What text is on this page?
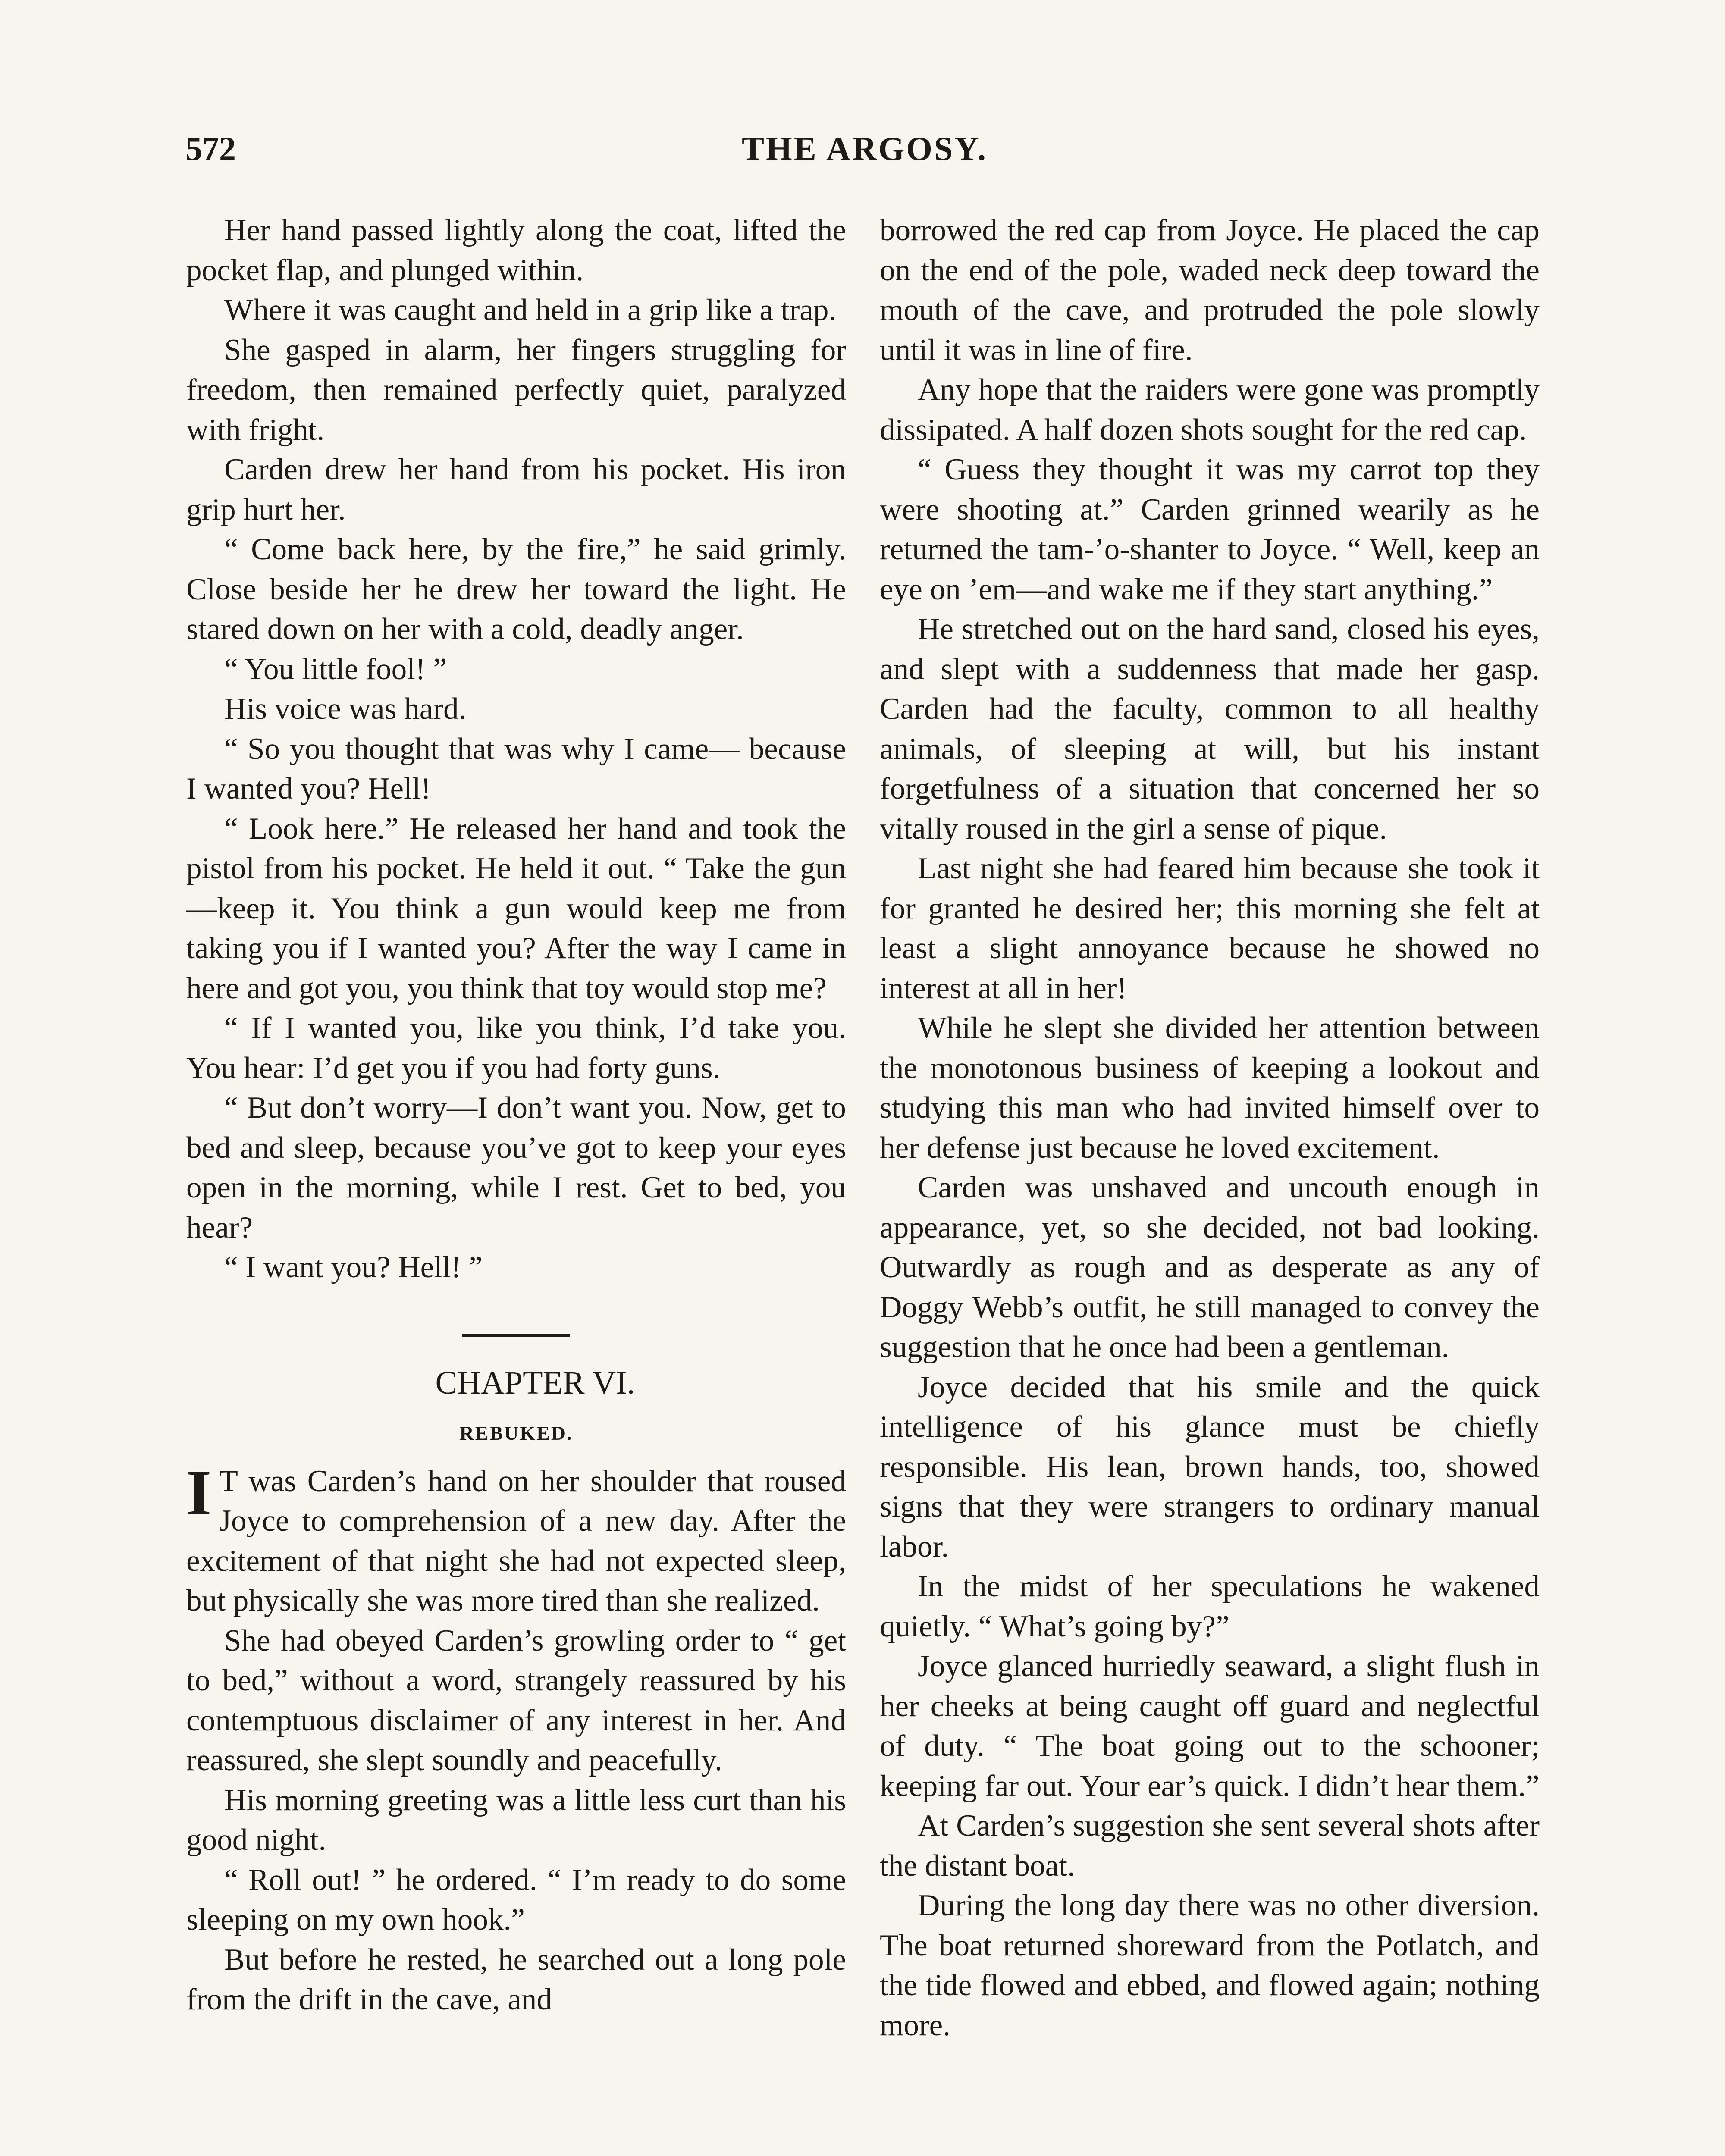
572	THE ARGOSY.

Her hand passed lightly along the coat, lifted the pocket flap, and plunged within.

Where it was caught and held in a grip like a trap.

She gasped in alarm, her fingers struggling for freedom, then remained perfectly quiet, paralyzed with fright.

Carden drew her hand from his pocket. His iron grip hurt her.

“ Come back here, by the fire,” he said grimly. Close beside her he drew her toward the light. He stared down on her with a cold, deadly anger.

“ You little fool! ”

His voice was hard.

“ So you thought that was why I came— because I wanted you? Hell!

“ Look here.” He released her hand and took the pistol from his pocket. He held it out. “ Take the gun—keep it. You think a gun would keep me from taking you if I wanted you? After the way I came in here and got you, you think that toy would stop me?

“ If I wanted you, like you think, I’d take you. You hear: I’d get you if you had forty guns.

“ But don’t worry—I don’t want you. Now, get to bed and sleep, because you’ve got to keep your eyes open in the morning, while I rest. Get to bed, you hear?

“ I want you? Hell! ”

CHAPTER VI.

REBUKED.

I T was Carden’s hand on her shoulder that roused Joyce to comprehension of a new day. After the excitement of that night she had not expected sleep, but physically she was more tired than she realized.

She had obeyed Carden’s growling order to “ get to bed,” without a word, strangely reassured by his contemptuous disclaimer of any interest in her. And reassured, she slept soundly and peacefully.

His morning greeting was a little less curt than his good night.

“ Roll out! ” he ordered. “ I’m ready to do some sleeping on my own hook.”

But before he rested, he searched out a long pole from the drift in the cave, and

borrowed the red cap from Joyce. He placed the cap on the end of the pole, waded neck deep toward the mouth of the cave, and protruded the pole slowly until it was in line of fire.

Any hope that the raiders were gone was promptly dissipated. A half dozen shots sought for the red cap.

“ Guess they thought it was my carrot top they were shooting at.” Carden grinned wearily as he returned the tam-’o-shanter to Joyce. “ Well, keep an eye on ’em—and wake me if they start anything.”

He stretched out on the hard sand, closed his eyes, and slept with a suddenness that made her gasp. Carden had the faculty, common to all healthy animals, of sleeping at will, but his instant forgetfulness of a situation that concerned her so vitally roused in the girl a sense of pique.

Last night she had feared him because she took it for granted he desired her; this morning she felt at least a slight annoyance because he showed no interest at all in her!

While he slept she divided her attention between the monotonous business of keeping a lookout and studying this man who had invited himself over to her defense just because he loved excitement.

Carden was unshaved and uncouth enough in appearance, yet, so she decided, not bad looking. Outwardly as rough and as desperate as any of Doggy Webb’s outfit, he still managed to convey the suggestion that he once had been a gentleman.

Joyce decided that his smile and the quick intelligence of his glance must be chiefly responsible. His lean, brown hands, too, showed signs that they were strangers to ordinary manual labor.

In the midst of her speculations he wakened quietly. “ What’s going by?”

Joyce glanced hurriedly seaward, a slight flush in her cheeks at being caught off guard and neglectful of duty. “ The boat going out to the schooner; keeping far out. Your ear’s quick. I didn’t hear them.”

At Carden’s suggestion she sent several shots after the distant boat.

During the long day there was no other diversion. The boat returned shoreward from the Potlatch, and the tide flowed and ebbed, and flowed again; nothing more.
